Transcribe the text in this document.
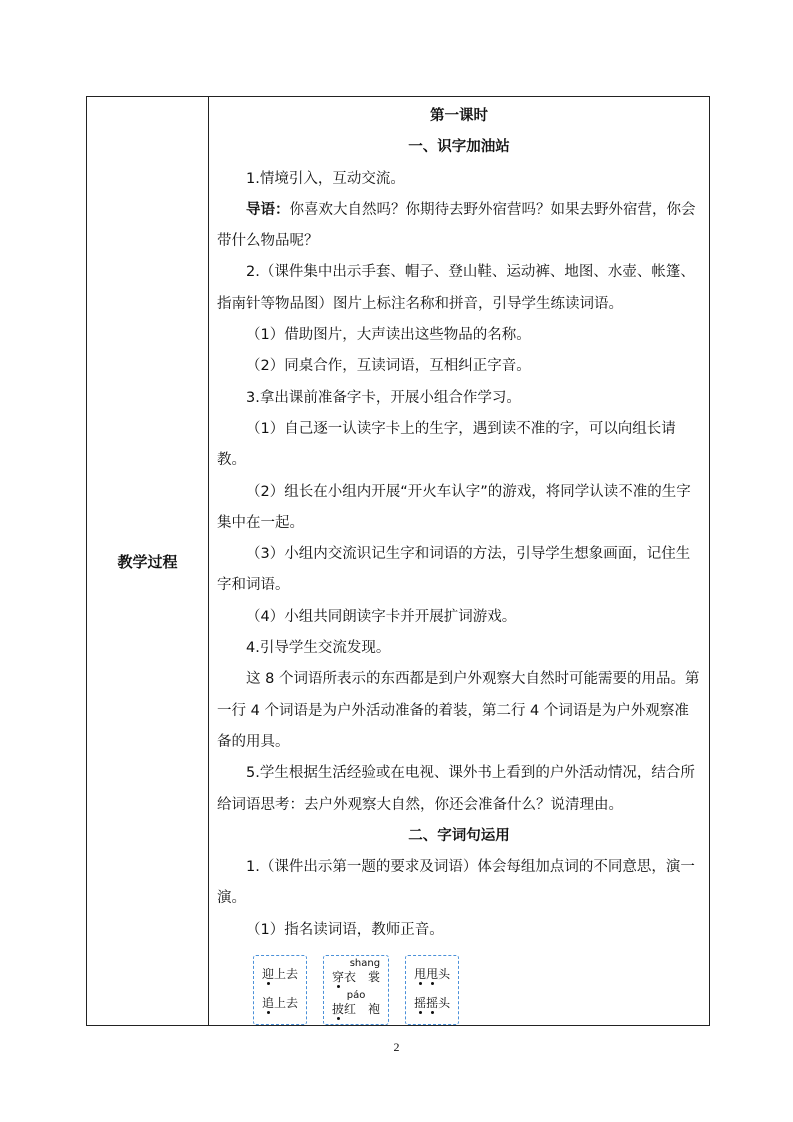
教学过程	

第一课时

一、识字加油站

1.情境引入，互动交流。

导语：你喜欢大自然吗？你期待去野外宿营吗？如果去野外宿营，你会带什么物品呢？

2.（课件集中出示手套、帽子、登山鞋、运动裤、地图、水壶、帐篷、指南针等物品图）图片上标注名称和拼音，引导学生练读词语。

（1）借助图片，大声读出这些物品的名称。

（2）同桌合作，互读词语，互相纠正字音。

3.拿出课前准备字卡，开展小组合作学习。

（1）自己逐一认读字卡上的生字，遇到读不准的字，可以向组长请教。

（2）组长在小组内开展“开火车认字”的游戏，将同学认读不准的生字集中在一起。

（3）小组内交流识记生字和词语的方法，引导学生想象画面，记住生字和词语。

（4）小组共同朗读字卡并开展扩词游戏。

4.引导学生交流发现。

这 8 个词语所表示的东西都是到户外观察大自然时可能需要的用品。第一行 4 个词语是为户外活动准备的着装，第二行 4 个词语是为户外观察准备的用具。

5.学生根据生活经验或在电视、课外书上看到的户外活动情况，结合所给词语思考：去户外观察大自然，你还会准备什么？说清理由。

二、字词句运用

1.（课件出示第一题的要求及词语）体会每组加点词的不同意思，演一演。

（1）指名读词语，教师正音。

迎上去
追上去
shang
穿衣　裳
páo
披红　袍
甩甩头
摇摇头
2
